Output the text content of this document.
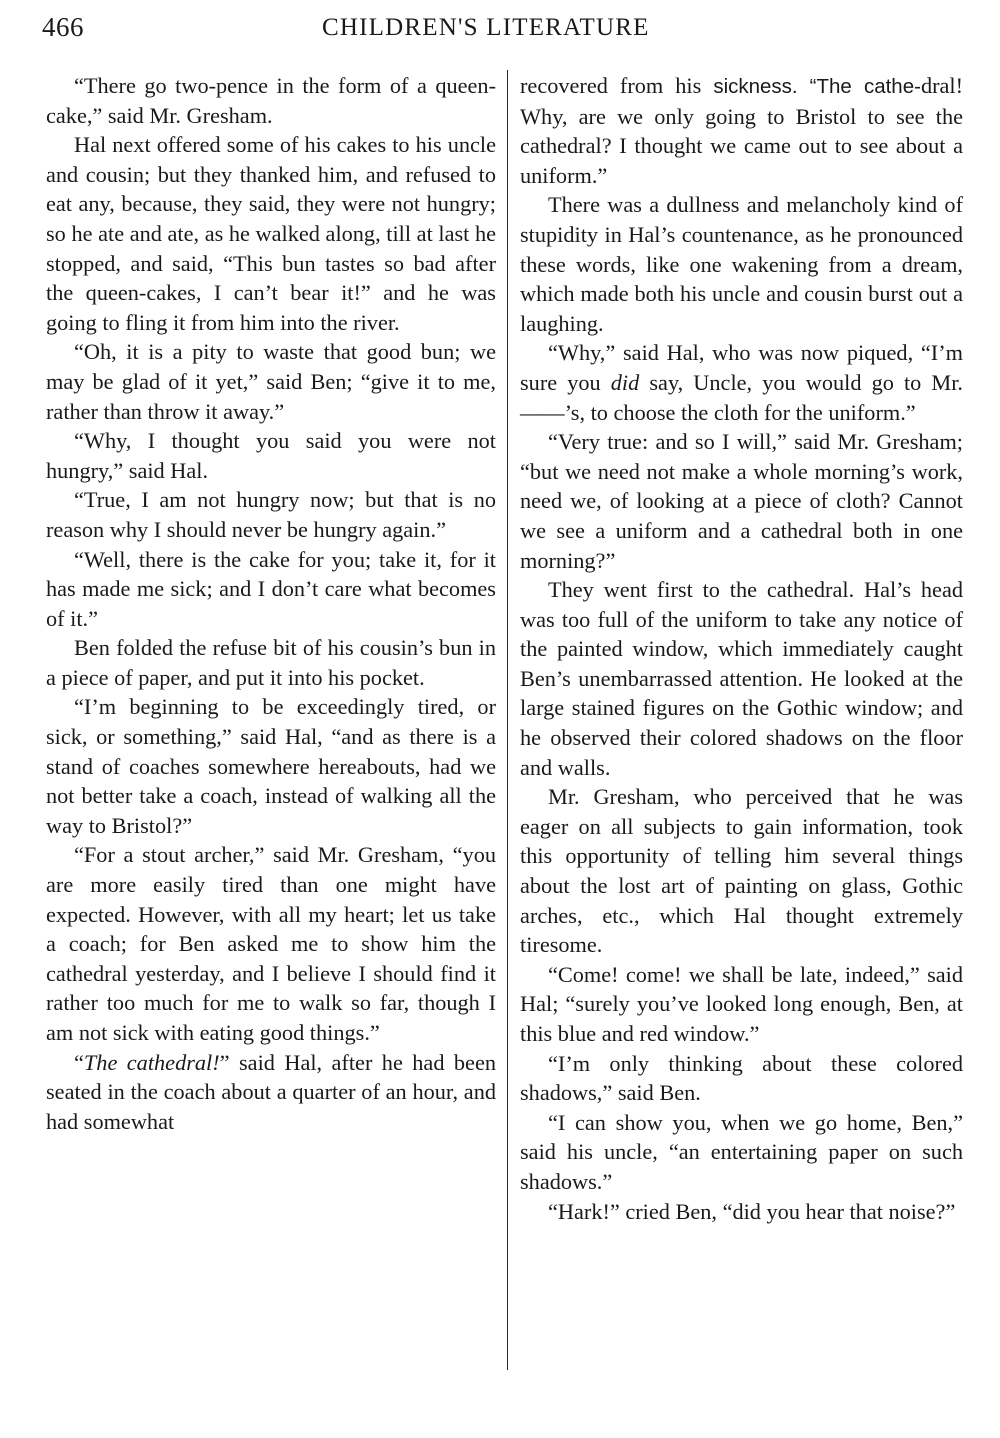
466	CHILDREN'S LITERATURE

“There go two-pence in the form of a queen-cake,” said Mr. Gresham.

Hal next offered some of his cakes to his uncle and cousin; but they thanked him, and refused to eat any, because, they said, they were not hungry; so he ate and ate, as he walked along, till at last he stopped, and said, “This bun tastes so bad after the queen-cakes, I can’t bear it!” and he was going to fling it from him into the river.

“Oh, it is a pity to waste that good bun; we may be glad of it yet,” said Ben; “give it to me, rather than throw it away.”

“Why, I thought you said you were not hungry,” said Hal.

“True, I am not hungry now; but that is no reason why I should never be hungry again.”

“Well, there is the cake for you; take it, for it has made me sick; and I don’t care what becomes of it.”

Ben folded the refuse bit of his cousin’s bun in a piece of paper, and put it into his pocket.

“I’m beginning to be exceedingly tired, or sick, or something,” said Hal, “and as there is a stand of coaches somewhere hereabouts, had we not better take a coach, instead of walking all the way to Bristol?”

“For a stout archer,” said Mr. Gresham, “you are more easily tired than one might have expected. However, with all my heart; let us take a coach; for Ben asked me to show him the cathedral yesterday, and I believe I should find it rather too much for me to walk so far, though I am not sick with eating good things.”

“The cathedral!” said Hal, after he had been seated in the coach about a quarter of an hour, and had somewhat

recovered from his sickness. “The cathe-dral! Why, are we only going to Bristol to see the cathedral? I thought we came out to see about a uniform.”

There was a dullness and melancholy kind of stupidity in Hal’s countenance, as he pronounced these words, like one wakening from a dream, which made both his uncle and cousin burst out a laughing.

“Why,” said Hal, who was now piqued, “I’m sure you did say, Uncle, you would go to Mr. ——’s, to choose the cloth for the uniform.”

“Very true: and so I will,” said Mr. Gresham; “but we need not make a whole morning’s work, need we, of looking at a piece of cloth? Cannot we see a uniform and a cathedral both in one morning?”

They went first to the cathedral. Hal’s head was too full of the uniform to take any notice of the painted window, which immediately caught Ben’s unembarrassed attention. He looked at the large stained figures on the Gothic window; and he observed their colored shadows on the floor and walls.

Mr. Gresham, who perceived that he was eager on all subjects to gain information, took this opportunity of telling him several things about the lost art of painting on glass, Gothic arches, etc., which Hal thought extremely tiresome.

“Come! come! we shall be late, indeed,” said Hal; “surely you’ve looked long enough, Ben, at this blue and red window.”

“I’m only thinking about these colored shadows,” said Ben.

“I can show you, when we go home, Ben,” said his uncle, “an entertaining paper on such shadows.”

“Hark!” cried Ben, “did you hear that noise?”
